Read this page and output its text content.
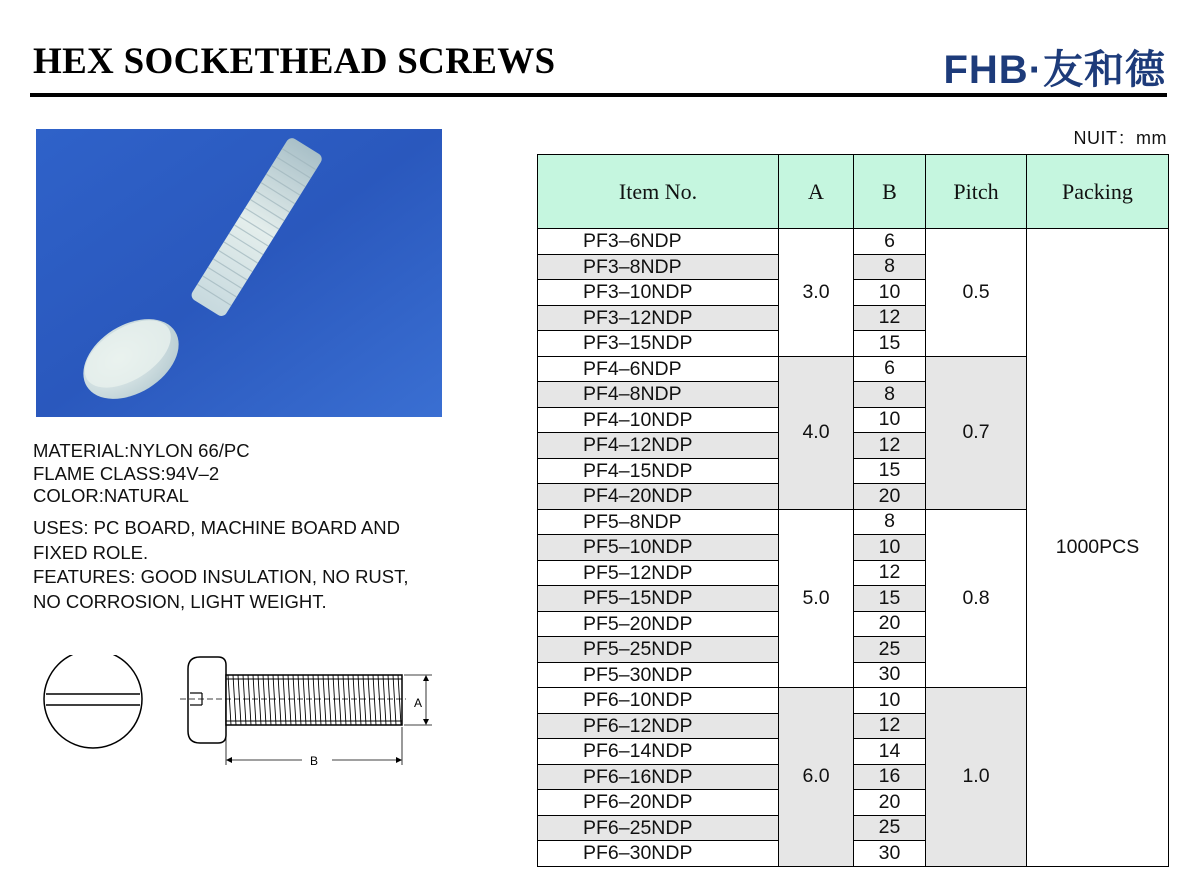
HEX SOCKETHEAD SCREWS	FHB·友和德
MATERIAL:NYLON 66/PC
FLAME CLASS:94V–2
COLOR:NATURAL
USES: PC BOARD, MACHINE BOARD AND
FIXED ROLE.
FEATURES: GOOD INSULATION, NO RUST,
NO CORROSION, LIGHT WEIGHT.
A
B
NUIT：mm
Item No.	A	B	Pitch	Packing
PF3–6NDP	3.0	6	0.5	1000PCS
PF3–8NDP		8		
PF3–10NDP		10		
PF3–12NDP		12		
PF3–15NDP		15		
PF4–6NDP	4.0	6	0.7	
PF4–8NDP		8		
PF4–10NDP		10		
PF4–12NDP		12		
PF4–15NDP		15		
PF4–20NDP		20		
PF5–8NDP	5.0	8	0.8	
PF5–10NDP		10		
PF5–12NDP		12		
PF5–15NDP		15		
PF5–20NDP		20		
PF5–25NDP		25		
PF5–30NDP		30		
PF6–10NDP	6.0	10	1.0	
PF6–12NDP		12		
PF6–14NDP		14		
PF6–16NDP		16		
PF6–20NDP		20		
PF6–25NDP		25		
PF6–30NDP		30		
